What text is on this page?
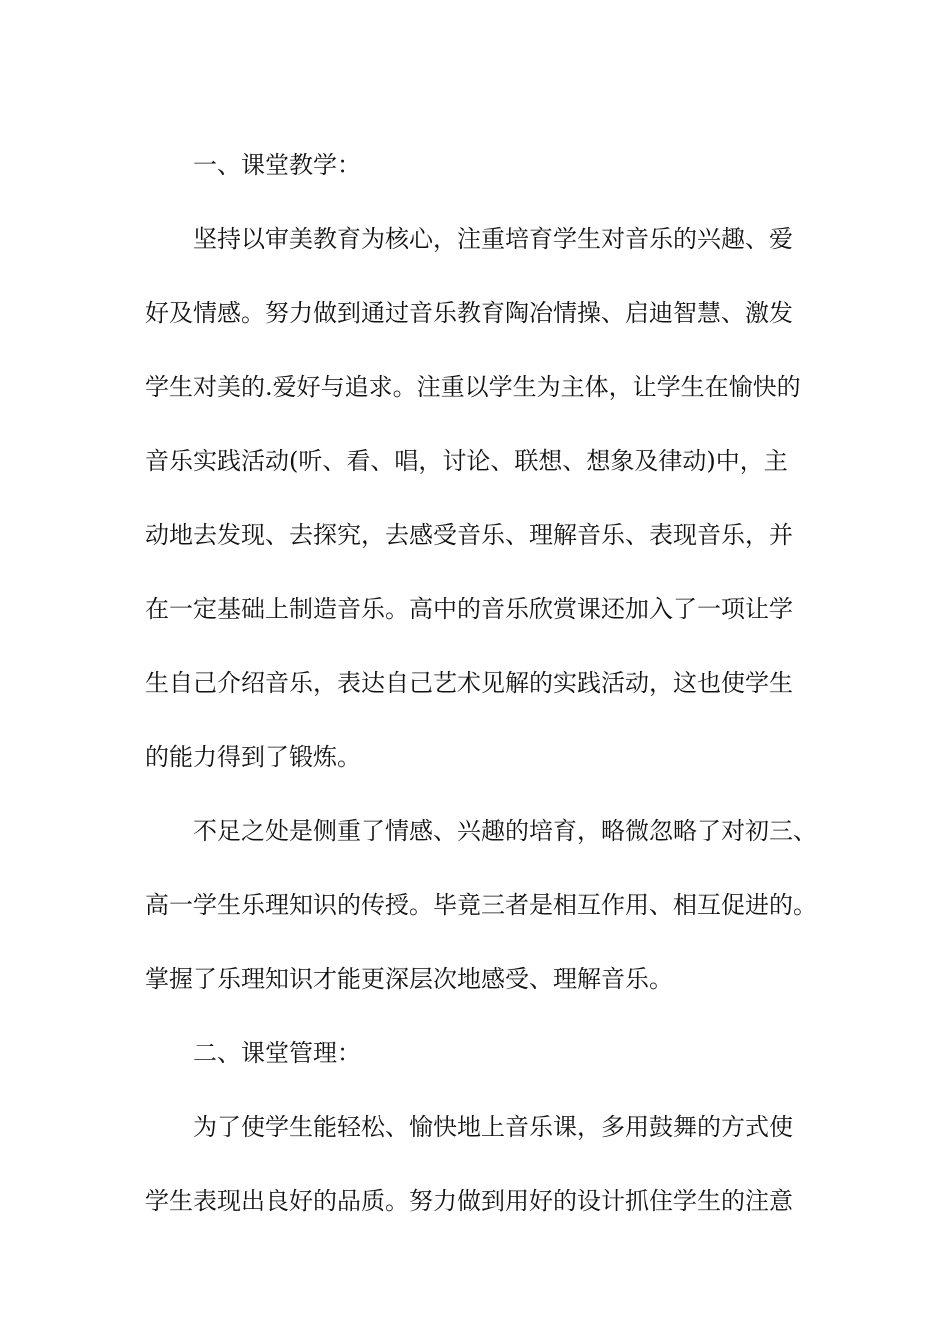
一、课堂教学：
坚持以审美教育为核心，注重培育学生对音乐的兴趣、爱
好及情感。努力做到通过音乐教育陶冶情操、启迪智慧、激发
学生对美的.爱好与追求。注重以学生为主体，让学生在愉快的
音乐实践活动(听、看、唱，讨论、联想、想象及律动)中，主
动地去发现、去探究，去感受音乐、理解音乐、表现音乐，并
在一定基础上制造音乐。高中的音乐欣赏课还加入了一项让学
生自己介绍音乐，表达自己艺术见解的实践活动，这也使学生
的能力得到了锻炼。
不足之处是侧重了情感、兴趣的培育，略微忽略了对初三、
高一学生乐理知识的传授。毕竟三者是相互作用、相互促进的。
掌握了乐理知识才能更深层次地感受、理解音乐。
二、课堂管理：
为了使学生能轻松、愉快地上音乐课，多用鼓舞的方式使
学生表现出良好的品质。努力做到用好的设计抓住学生的注意
